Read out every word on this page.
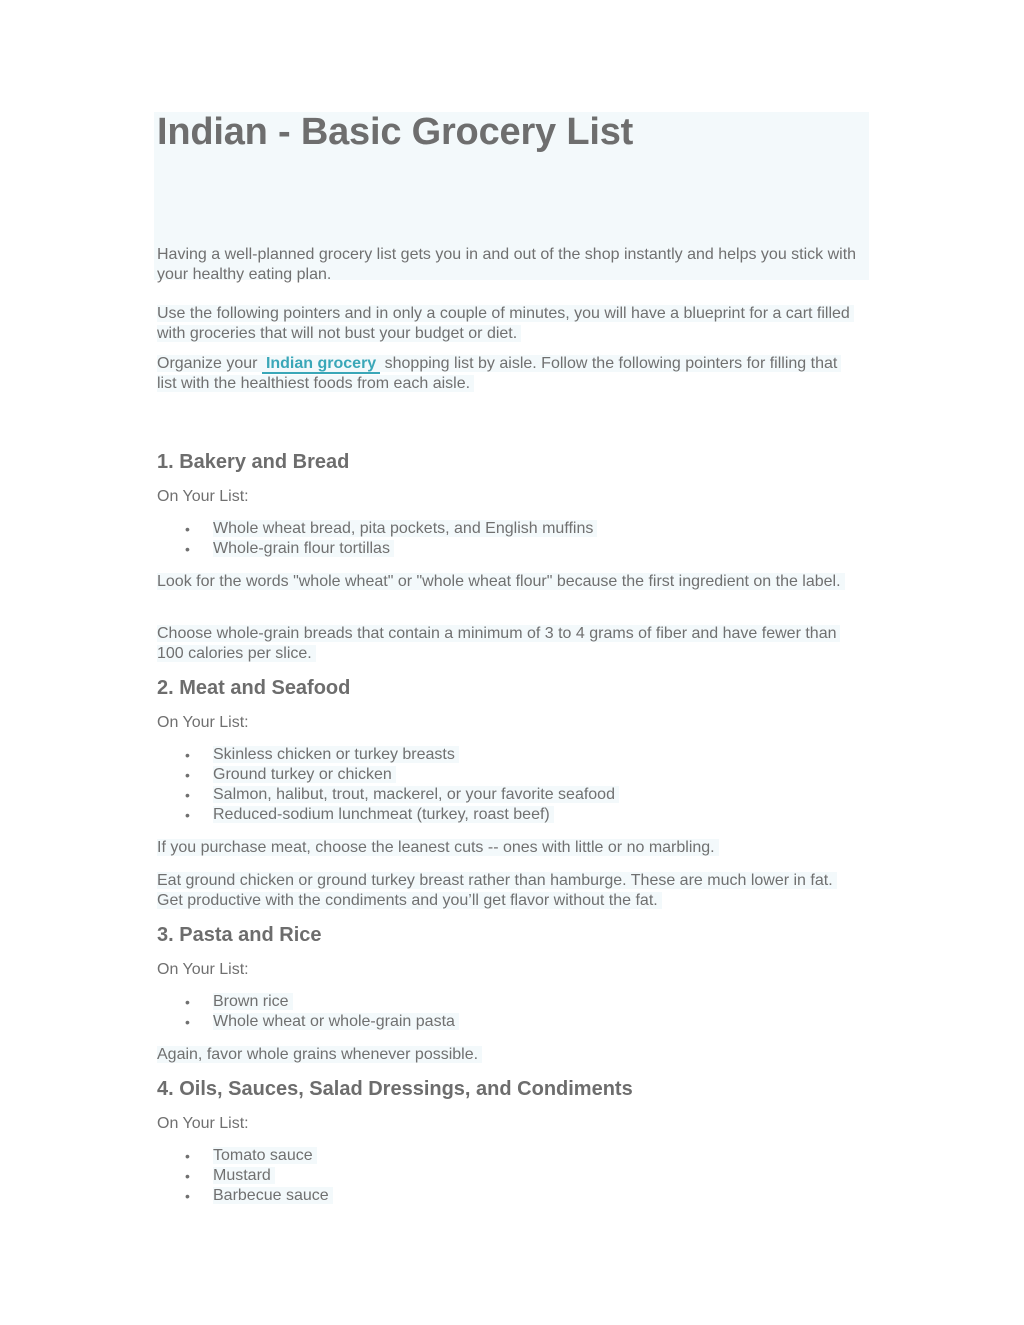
Indian - Basic Grocery List

Having a well-planned grocery list gets you in and out of the shop instantly and helps you stick with your healthy eating plan.

Use the following pointers and in only a couple of minutes, you will have a blueprint for a cart filled with groceries that will not bust your budget or diet.

Organize your Indian grocery shopping list by aisle. Follow the following pointers for filling that list with the healthiest foods from each aisle.

1. Bakery and Bread

On Your List:

• Whole wheat bread, pita pockets, and English muffins
• Whole-grain flour tortillas

Look for the words "whole wheat" or "whole wheat flour" because the first ingredient on the label.

Choose whole-grain breads that contain a minimum of 3 to 4 grams of fiber and have fewer than 100 calories per slice.

2. Meat and Seafood

On Your List:

• Skinless chicken or turkey breasts
• Ground turkey or chicken
• Salmon, halibut, trout, mackerel, or your favorite seafood
• Reduced-sodium lunchmeat (turkey, roast beef)

If you purchase meat, choose the leanest cuts -- ones with little or no marbling.

Eat ground chicken or ground turkey breast rather than hamburge. These are much lower in fat. Get productive with the condiments and you’ll get flavor without the fat.

3. Pasta and Rice

On Your List:

• Brown rice
• Whole wheat or whole-grain pasta

Again, favor whole grains whenever possible.

4. Oils, Sauces, Salad Dressings, and Condiments

On Your List:

• Tomato sauce
• Mustard
• Barbecue sauce
